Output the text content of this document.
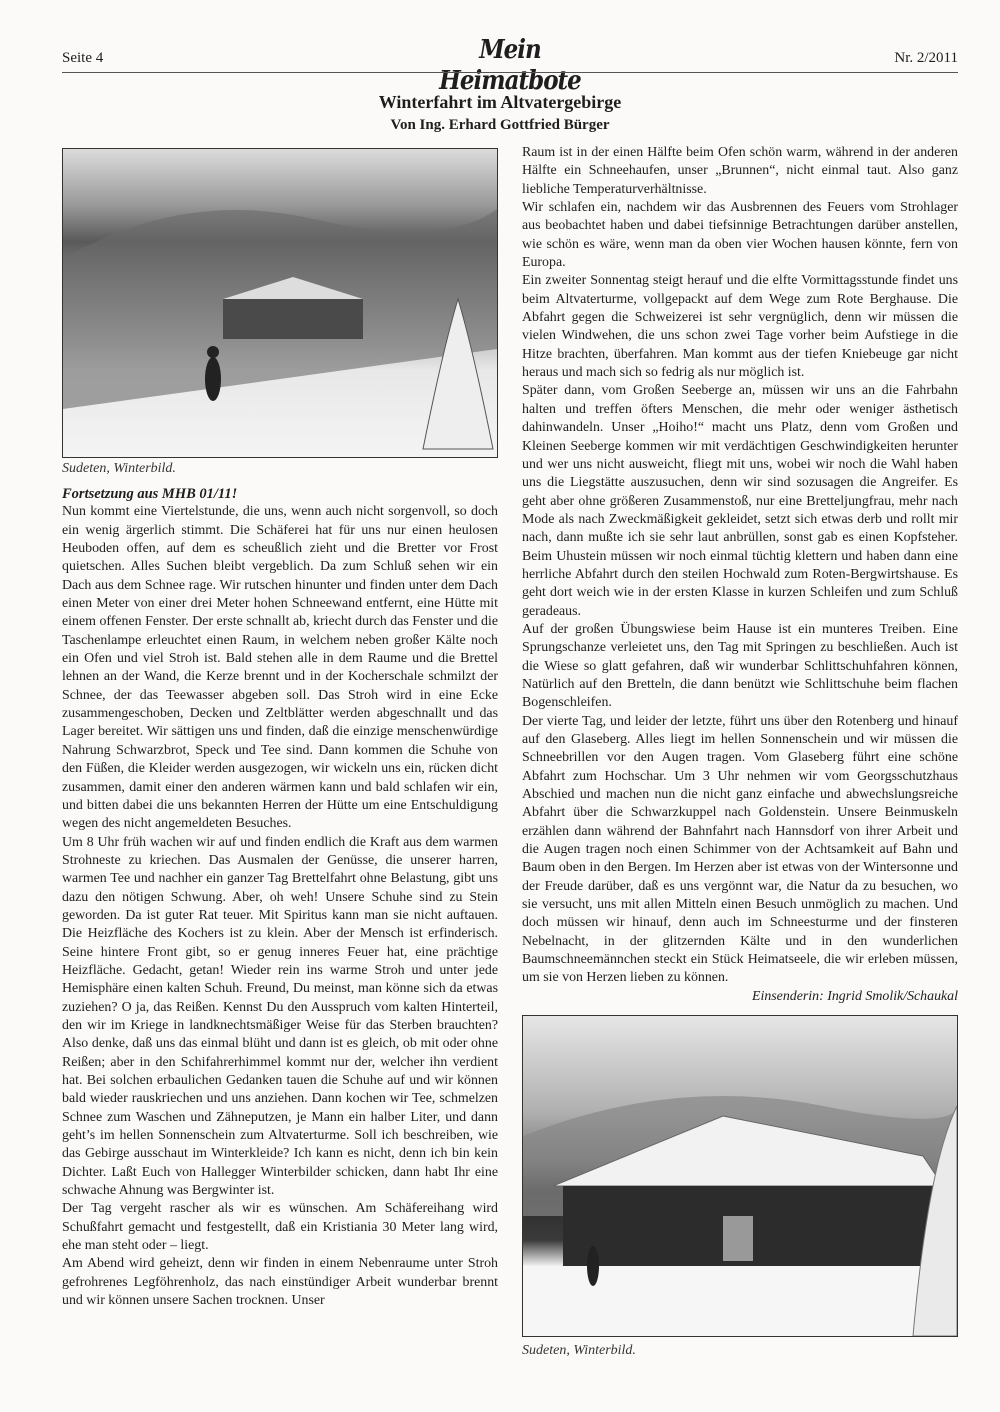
Seite 4	Mein Heimatbote
Nr. 2/2011
Winterfahrt im Altvatergebirge
Von Ing. Erhard Gottfried Bürger
Sudeten, Winterbild.

Fortsetzung aus MHB 01/11!

Nun kommt eine Viertelstunde, die uns, wenn auch nicht sorgenvoll, so doch ein wenig ärgerlich stimmt. Die Schäferei hat für uns nur einen heulosen Heuboden offen, auf dem es scheußlich zieht und die Bretter vor Frost quietschen. Alles Suchen bleibt vergeblich. Da zum Schluß sehen wir ein Dach aus dem Schnee rage. Wir rutschen hinunter und finden unter dem Dach einen Meter von einer drei Meter hohen Schneewand entfernt, eine Hütte mit einem offenen Fenster. Der erste schnallt ab, kriecht durch das Fenster und die Taschenlampe erleuchtet einen Raum, in welchem neben großer Kälte noch ein Ofen und viel Stroh ist. Bald stehen alle in dem Raume und die Brettel lehnen an der Wand, die Kerze brennt und in der Kocherschale schmilzt der Schnee, der das Teewasser abgeben soll. Das Stroh wird in eine Ecke zusammengeschoben, Decken und Zeltblätter werden abgeschnallt und das Lager bereitet. Wir sättigen uns und finden, daß die einzige menschenwürdige Nahrung Schwarzbrot, Speck und Tee sind. Dann kommen die Schuhe von den Füßen, die Kleider werden ausgezogen, wir wickeln uns ein, rücken dicht zusammen, damit einer den anderen wärmen kann und bald schlafen wir ein, und bitten dabei die uns bekannten Herren der Hütte um eine Entschuldigung wegen des nicht angemeldeten Besuches.

Um 8 Uhr früh wachen wir auf und finden endlich die Kraft aus dem warmen Strohneste zu kriechen. Das Ausmalen der Genüsse, die unserer harren, warmen Tee und nachher ein ganzer Tag Brettelfahrt ohne Belastung, gibt uns dazu den nötigen Schwung. Aber, oh weh! Unsere Schuhe sind zu Stein geworden. Da ist guter Rat teuer. Mit Spiritus kann man sie nicht auftauen. Die Heizfläche des Kochers ist zu klein. Aber der Mensch ist erfinderisch. Seine hintere Front gibt, so er genug inneres Feuer hat, eine prächtige Heizfläche. Gedacht, getan! Wieder rein ins warme Stroh und unter jede Hemisphäre einen kalten Schuh. Freund, Du meinst, man könne sich da etwas zuziehen? O ja, das Reißen. Kennst Du den Ausspruch vom kalten Hinterteil, den wir im Kriege in landknechtsmäßiger Weise für das Sterben brauchten? Also denke, daß uns das einmal blüht und dann ist es gleich, ob mit oder ohne Reißen; aber in den Schifahrerhimmel kommt nur der, welcher ihn verdient hat. Bei solchen erbaulichen Gedanken tauen die Schuhe auf und wir können bald wieder rauskriechen und uns anziehen. Dann kochen wir Tee, schmelzen Schnee zum Waschen und Zähneputzen, je Mann ein halber Liter, und dann geht’s im hellen Sonnenschein zum Altvaterturme. Soll ich beschreiben, wie das Gebirge ausschaut im Winterkleide? Ich kann es nicht, denn ich bin kein Dichter. Laßt Euch von Hallegger Winterbilder schicken, dann habt Ihr eine schwache Ahnung was Bergwinter ist.

Der Tag vergeht rascher als wir es wünschen. Am Schäfereihang wird Schußfahrt gemacht und festgestellt, daß ein Kristiania 30 Meter lang wird, ehe man steht oder – liegt.

Am Abend wird geheizt, denn wir finden in einem Nebenraume unter Stroh gefrohrenes Legföhrenholz, das nach einstündiger Arbeit wunderbar brennt und wir können unsere Sachen trocknen. Unser

Raum ist in der einen Hälfte beim Ofen schön warm, während in der anderen Hälfte ein Schneehaufen, unser „Brunnen“, nicht einmal taut. Also ganz liebliche Temperaturverhältnisse.

Wir schlafen ein, nachdem wir das Ausbrennen des Feuers vom Strohlager aus beobachtet haben und dabei tiefsinnige Betrachtungen darüber anstellen, wie schön es wäre, wenn man da oben vier Wochen hausen könnte, fern von Europa.

Ein zweiter Sonnentag steigt herauf und die elfte Vormittagsstunde findet uns beim Altvaterturme, vollgepackt auf dem Wege zum Rote Berghause. Die Abfahrt gegen die Schweizerei ist sehr vergnüglich, denn wir müssen die vielen Windwehen, die uns schon zwei Tage vorher beim Aufstiege in die Hitze brachten, überfahren. Man kommt aus der tiefen Kniebeuge gar nicht heraus und mach sich so fedrig als nur möglich ist.

Später dann, vom Großen Seeberge an, müssen wir uns an die Fahrbahn halten und treffen öfters Menschen, die mehr oder weniger ästhetisch dahinwandeln. Unser „Hoiho!“ macht uns Platz, denn vom Großen und Kleinen Seeberge kommen wir mit verdächtigen Geschwindigkeiten herunter und wer uns nicht ausweicht, fliegt mit uns, wobei wir noch die Wahl haben uns die Liegstätte auszusuchen, denn wir sind sozusagen die Angreifer. Es geht aber ohne größeren Zusammenstoß, nur eine Bretteljungfrau, mehr nach Mode als nach Zweckmäßigkeit gekleidet, setzt sich etwas derb und rollt mir nach, dann mußte ich sie sehr laut anbrüllen, sonst gab es einen Kopfsteher. Beim Uhustein müssen wir noch einmal tüchtig klettern und haben dann eine herrliche Abfahrt durch den steilen Hochwald zum Roten-Bergwirtshause. Es geht dort weich wie in der ersten Klasse in kurzen Schleifen und zum Schluß geradeaus.

Auf der großen Übungswiese beim Hause ist ein munteres Treiben. Eine Sprungschanze verleietet uns, den Tag mit Springen zu beschließen. Auch ist die Wiese so glatt gefahren, daß wir wunderbar Schlittschuhfahren können, Natürlich auf den Bretteln, die dann benützt wie Schlittschuhe beim flachen Bogenschleifen.

Der vierte Tag, und leider der letzte, führt uns über den Rotenberg und hinauf auf den Glaseberg. Alles liegt im hellen Sonnenschein und wir müssen die Schneebrillen vor den Augen tragen. Vom Glaseberg führt eine schöne Abfahrt zum Hochschar. Um 3 Uhr nehmen wir vom Georgsschutzhaus Abschied und machen nun die nicht ganz einfache und abwechslungsreiche Abfahrt über die Schwarzkuppel nach Goldenstein. Unsere Beinmuskeln erzählen dann während der Bahnfahrt nach Hannsdorf von ihrer Arbeit und die Augen tragen noch einen Schimmer von der Achtsamkeit auf Bahn und Baum oben in den Bergen. Im Herzen aber ist etwas von der Wintersonne und der Freude darüber, daß es uns vergönnt war, die Natur da zu besuchen, wo sie versucht, uns mit allen Mitteln einen Besuch unmöglich zu machen. Und doch müssen wir hinauf, denn auch im Schneesturme und der finsteren Nebelnacht, in der glitzernden Kälte und in den wunderlichen Baumschneemännchen steckt ein Stück Heimatseele, die wir erleben müssen, um sie von Herzen lieben zu können.

Einsenderin: Ingrid Smolik/Schaukal

Sudeten, Winterbild.
